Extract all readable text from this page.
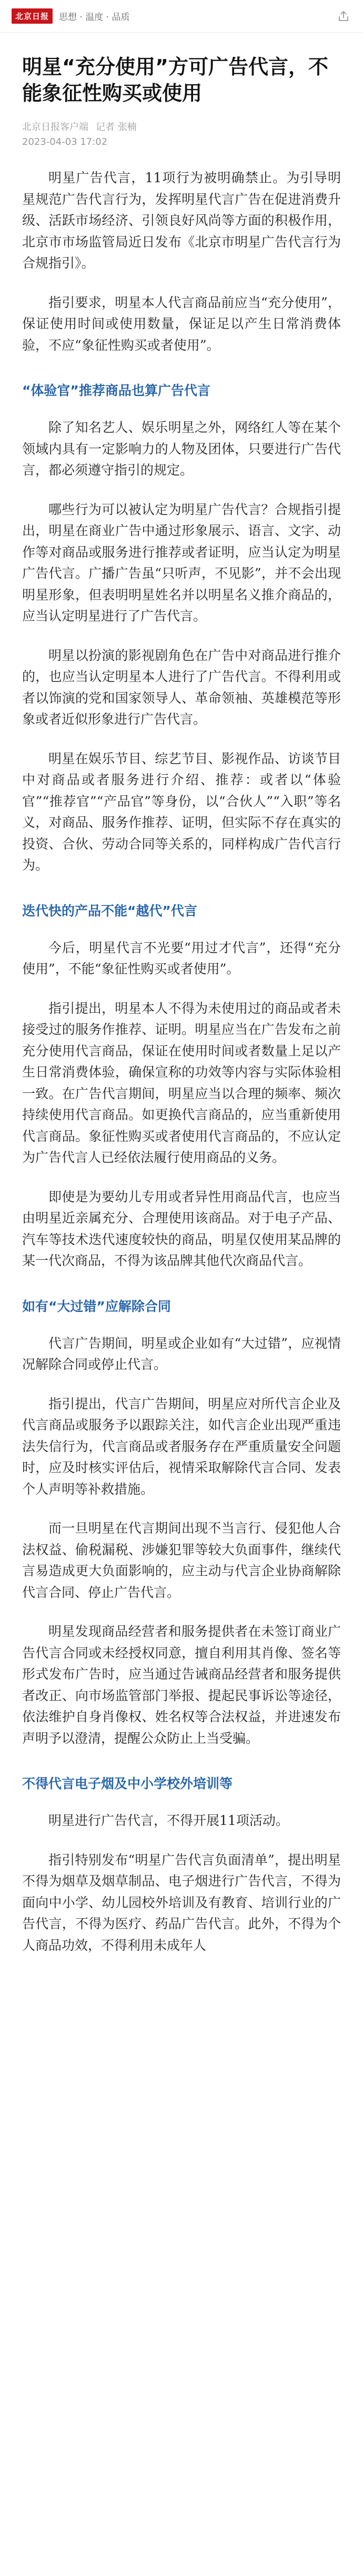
北京日报	思想 · 温度 · 品质
明星“充分使用”方可广告代言，不能象征性购买或使用
北京日报客户端 记者 张楠
2023-04-03 17:02

明星广告代言，11项行为被明确禁止。为引导明星规范广告代言行为，发挥明星代言广告在促进消费升级、活跃市场经济、引领良好风尚等方面的积极作用，北京市市场监管局近日发布《北京市明星广告代言行为合规指引》。

指引要求，明星本人代言商品前应当“充分使用”，保证使用时间或使用数量，保证足以产生日常消费体验，不应“象征性购买或者使用”。

“体验官”推荐商品也算广告代言

除了知名艺人、娱乐明星之外，网络红人等在某个领域内具有一定影响力的人物及团体，只要进行广告代言，都必须遵守指引的规定。

哪些行为可以被认定为明星广告代言？合规指引提出，明星在商业广告中通过形象展示、语言、文字、动作等对商品或服务进行推荐或者证明，应当认定为明星广告代言。广播广告虽“只听声，不见影”，并不会出现明星形象，但表明明星姓名并以明星名义推介商品的，应当认定明星进行了广告代言。

明星以扮演的影视剧角色在广告中对商品进行推介的，也应当认定明星本人进行了广告代言。不得利用或者以饰演的党和国家领导人、革命领袖、英雄模范等形象或者近似形象进行广告代言。

明星在娱乐节目、综艺节目、影视作品、访谈节目中对商品或者服务进行介绍、推荐：或者以“体验官”“推荐官”“产品官”等身份，以“合伙人”“入职”等名义，对商品、服务作推荐、证明，但实际不存在真实的投资、合伙、劳动合同等关系的，同样构成广告代言行为。

迭代快的产品不能“越代”代言

今后，明星代言不光要“用过才代言”，还得“充分使用”，不能“象征性购买或者使用”。

指引提出，明星本人不得为未使用过的商品或者未接受过的服务作推荐、证明。明星应当在广告发布之前充分使用代言商品，保证在使用时间或者数量上足以产生日常消费体验，确保宣称的功效等内容与实际体验相一致。在广告代言期间，明星应当以合理的频率、频次持续使用代言商品。如更换代言商品的，应当重新使用代言商品。象征性购买或者使用代言商品的，不应认定为广告代言人已经依法履行使用商品的义务。

即使是为要幼儿专用或者异性用商品代言，也应当由明星近亲属充分、合理使用该商品。对于电子产品、汽车等技术迭代速度较快的商品，明星仅使用某品牌的某一代次商品，不得为该品牌其他代次商品代言。

如有“大过错”应解除合同

代言广告期间，明星或企业如有“大过错”，应视情况解除合同或停止代言。

指引提出，代言广告期间，明星应对所代言企业及代言商品或服务予以跟踪关注，如代言企业出现严重违法失信行为，代言商品或者服务存在严重质量安全问题时，应及时核实评估后，视情采取解除代言合同、发表个人声明等补救措施。

而一旦明星在代言期间出现不当言行、侵犯他人合法权益、偷税漏税、涉嫌犯罪等较大负面事件，继续代言易造成更大负面影响的，应主动与代言企业协商解除代言合同、停止广告代言。

明星发现商品经营者和服务提供者在未签订商业广告代言合同或未经授权同意，擅自利用其肖像、签名等形式发布广告时，应当通过告诫商品经营者和服务提供者改正、向市场监管部门举报、提起民事诉讼等途径，依法维护自身肖像权、姓名权等合法权益，并进速发布声明予以澄清，提醒公众防止上当受骗。

不得代言电子烟及中小学校外培训等

明星进行广告代言，不得开展11项活动。

指引特别发布“明星广告代言负面清单”，提出明星不得为烟草及烟草制品、电子烟进行广告代言，不得为面向中小学、幼儿园校外培训及有教育、培训行业的广告代言，不得为医疗、药品广告代言。此外，不得为个人商品功效，不得利用未成年人
